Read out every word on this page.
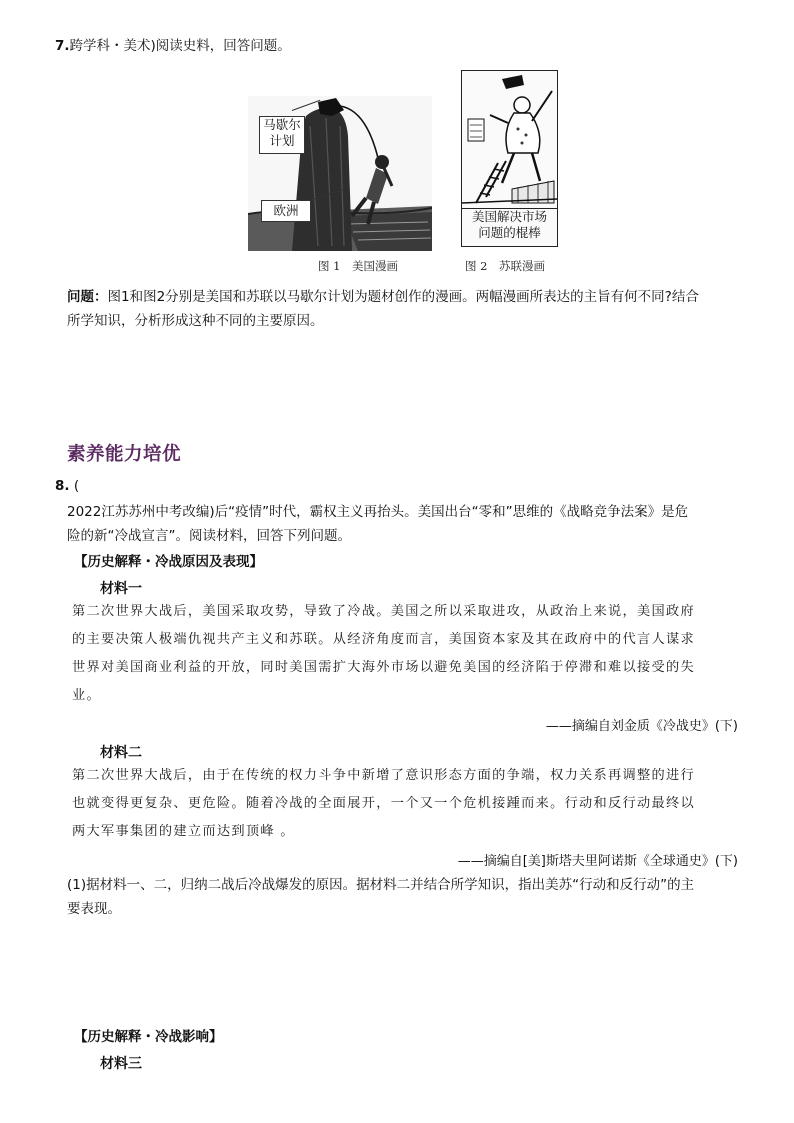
7.跨学科・美术)阅读史料，回答问题。
马歇尔
计划
欧洲
图 1　美国漫画
美国解决市场
问题的棍棒
图 2　苏联漫画
问题：图1和图2分别是美国和苏联以马歇尔计划为题材创作的漫画。两幅漫画所表达的主旨有何不同?结合
所学知识，分析形成这种不同的主要原因。
素养能力培优
8. (
2022江苏苏州中考改编)后“疫情”时代，霸权主义再抬头。美国出台“零和”思维的《战略竞争法案》是危
险的新“冷战宣言”。阅读材料，回答下列问题。
【历史解释・冷战原因及表现】
材料一
第二次世界大战后，美国采取攻势，导致了冷战。美国之所以采取进攻，从政治上来说，美国政府
的主要决策人极端仇视共产主义和苏联。从经济角度而言，美国资本家及其在政府中的代言人谋求
世界对美国商业利益的开放，同时美国需扩大海外市场以避免美国的经济陷于停滞和难以接受的失
业。
——摘编自刘金质《冷战史》(下)
材料二
第二次世界大战后，由于在传统的权力斗争中新增了意识形态方面的争端，权力关系再调整的进行
也就变得更复杂、更危险。随着冷战的全面展开，一个又一个危机接踵而来。行动和反行动最终以
两大军事集团的建立而达到顶峰 。
——摘编自[美]斯塔夫里阿诺斯《全球通史》(下)
(1)据材料一、二，归纳二战后冷战爆发的原因。据材料二并结合所学知识，指出美苏“行动和反行动”的主
要表现。
【历史解释・冷战影响】
材料三
